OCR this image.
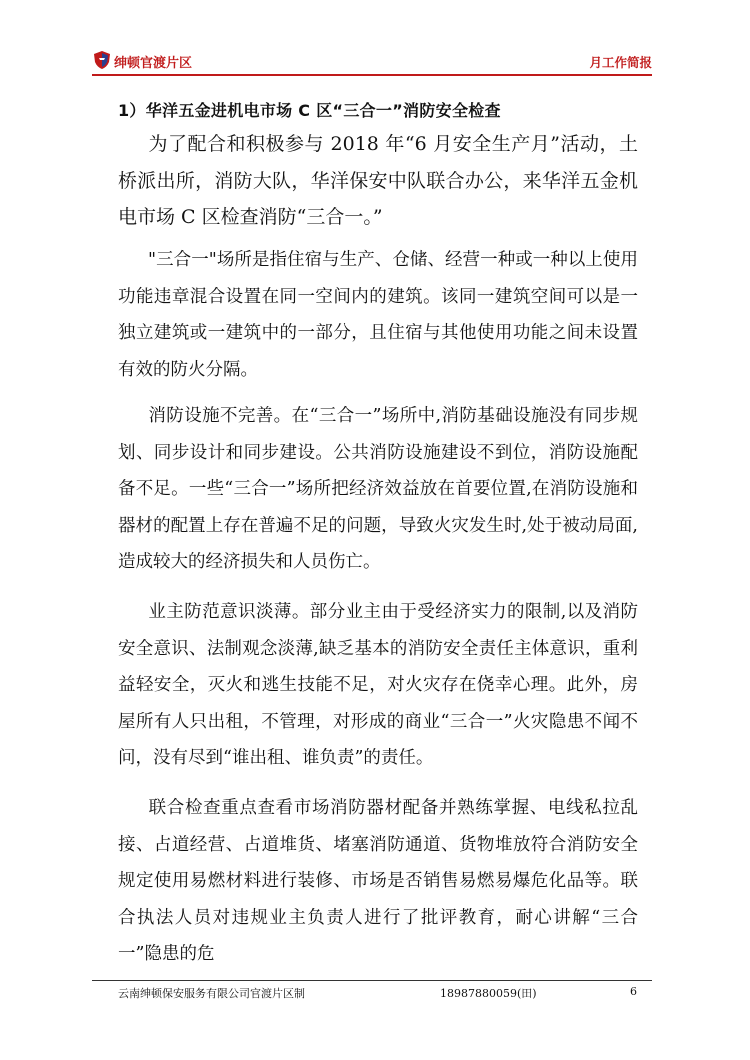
绅顿官渡片区	月工作简报
1）华洋五金进机电市场 C 区“三合一”消防安全检查

为了配合和积极参与 2018 年“6 月安全生产月”活动，土桥派出所，消防大队，华洋保安中队联合办公，来华洋五金机电市场 C 区检查消防“三合一。”

"三合一"场所是指住宿与生产、仓储、经营一种或一种以上使用功能违章混合设置在同一空间内的建筑。该同一建筑空间可以是一独立建筑或一建筑中的一部分，且住宿与其他使用功能之间未设置有效的防火分隔。

消防设施不完善。在“三合一”场所中,消防基础设施没有同步规划、同步设计和同步建设。公共消防设施建设不到位，消防设施配备不足。一些“三合一”场所把经济效益放在首要位置,在消防设施和器材的配置上存在普遍不足的问题，导致火灾发生时,处于被动局面,造成较大的经济损失和人员伤亡。

业主防范意识淡薄。部分业主由于受经济实力的限制,以及消防安全意识、法制观念淡薄,缺乏基本的消防安全责任主体意识，重利益轻安全，灭火和逃生技能不足，对火灾存在侥幸心理。此外，房屋所有人只出租，不管理，对形成的商业“三合一”火灾隐患不闻不问，没有尽到“谁出租、谁负责”的责任。

联合检查重点查看市场消防器材配备并熟练掌握、电线私拉乱接、占道经营、占道堆货、堵塞消防通道、货物堆放符合消防安全规定使用易燃材料进行装修、市场是否销售易燃易爆危化品等。联合执法人员对违规业主负责人进行了批评教育，耐心讲解“三合一”隐患的危

云南绅顿保安服务有限公司官渡片区制	18987880059(田)	6
